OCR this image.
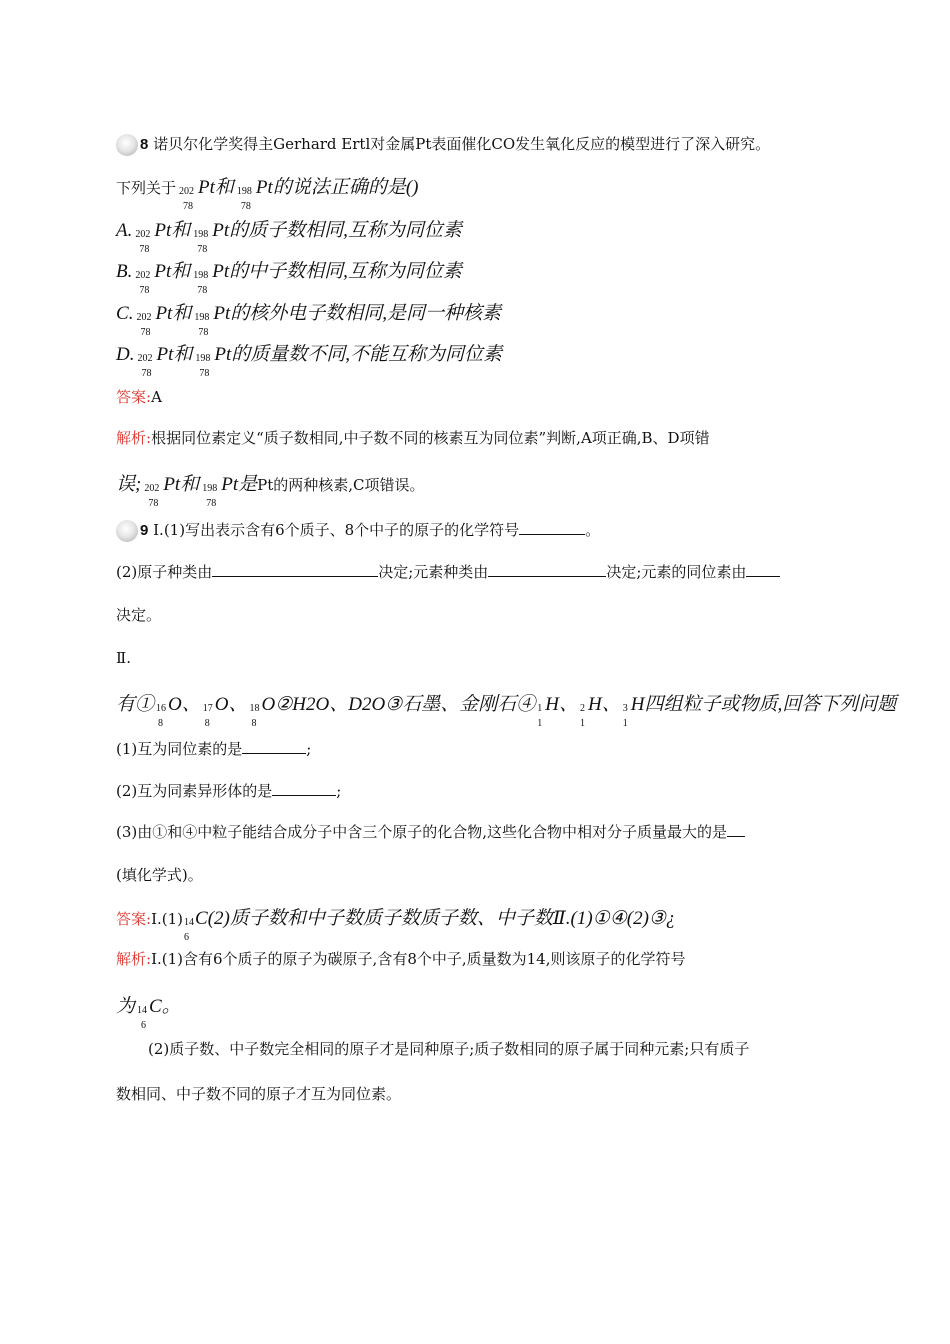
8 诺贝尔化学奖得主Gerhard Ertl对金属Pt表面催化CO发生氧化反应的模型进行了深入研究。
下列关于 202
78
Pt和 198
78
Pt的说法正确的是()
A. 202
78
Pt和 198
78
Pt的质子数相同,互称为同位素
B. 202
78
Pt和 198
78
Pt的中子数相同,互称为同位素
C. 202
78
Pt和 198
78
Pt的核外电子数相同,是同一种核素
D. 202
78
Pt和 198
78
Pt的质量数不同,不能互称为同位素
答案:A
解析:根据同位素定义“质子数相同,中子数不同的核素互为同位素”判断,A项正确,B、D项错
误; 202
78
Pt和 198
78
Pt是Pt的两种核素,C项错误。
9 Ⅰ.(1)写出表示含有6个质子、8个中子的原子的化学符号	。
(2)原子种类由	决定;元素种类由	决定;元素的同位素由
决定。
Ⅱ.
有① 16
8
O、 17
8
O、 18
8
O②H2O、D2O③石墨、金刚石④ 1
1
H、 2
1
H、 3
1
H四组粒子或物质,回答下列问题
(1)互为同位素的是	;
(2)互为同素异形体的是	;
(3)由①和④中粒子能结合成分子中含三个原子的化合物,这些化合物中相对分子质量最大的是
(填化学式)。
答案:Ⅰ.(1) 14
6
C(2)质子数和中子数质子数质子数、中子数Ⅱ.(1)①④(2)③¿
解析:Ⅰ.(1)含有6个质子的原子为碳原子,含有8个中子,质量数为14,则该原子的化学符号
为 14
6
C。
(2)质子数、中子数完全相同的原子才是同种原子;质子数相同的原子属于同种元素;只有质子
数相同、中子数不同的原子才互为同位素。
